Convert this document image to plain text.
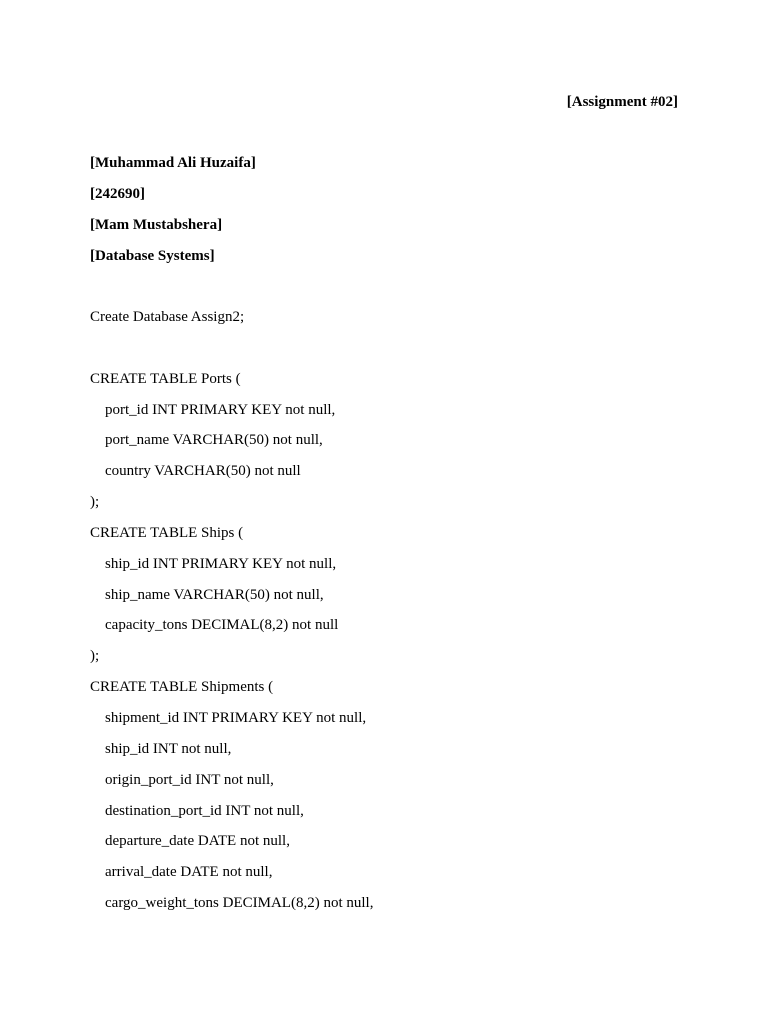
[Assignment #02]
[Muhammad Ali Huzaifa]
[242690]
[Mam Mustabshera]
[Database Systems]
Create Database Assign2;
CREATE TABLE Ports (
port_id INT PRIMARY KEY not null,
port_name VARCHAR(50) not null,
country VARCHAR(50) not null
);
CREATE TABLE Ships (
ship_id INT PRIMARY KEY not null,
ship_name VARCHAR(50) not null,
capacity_tons DECIMAL(8,2) not null
);
CREATE TABLE Shipments (
shipment_id INT PRIMARY KEY not null,
ship_id INT not null,
origin_port_id INT not null,
destination_port_id INT not null,
departure_date DATE not null,
arrival_date DATE not null,
cargo_weight_tons DECIMAL(8,2) not null,
